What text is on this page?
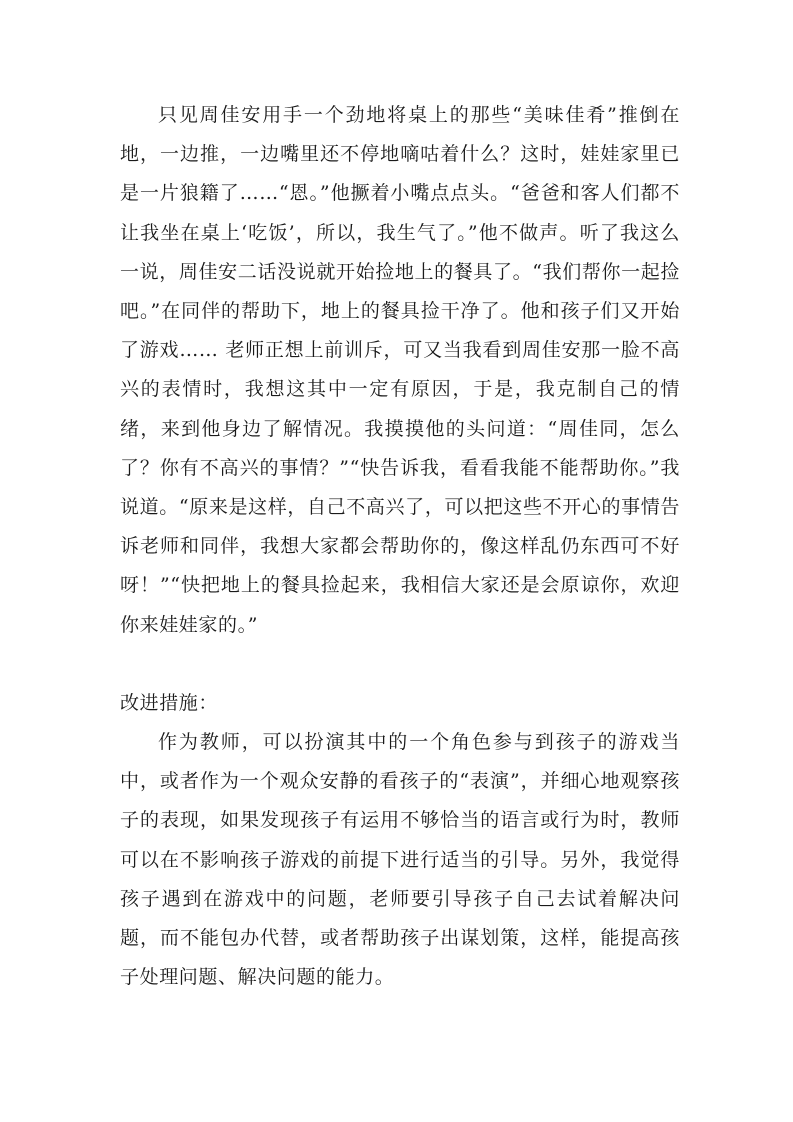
只见周佳安用手一个劲地将桌上的那些“美味佳肴”推倒在地，一边推，一边嘴里还不停地嘀咕着什么？这时，娃娃家里已是一片狼籍了……“恩。”他撅着小嘴点点头。“爸爸和客人们都不让我坐在桌上‘吃饭’，所以，我生气了。”他不做声。听了我这么一说，周佳安二话没说就开始捡地上的餐具了。“我们帮你一起捡吧。”在同伴的帮助下，地上的餐具捡干净了。他和孩子们又开始了游戏…… 老师正想上前训斥，可又当我看到周佳安那一脸不高兴的表情时，我想这其中一定有原因，于是，我克制自己的情绪，来到他身边了解情况。我摸摸他的头问道：“周佳同，怎么了？你有不高兴的事情？”“快告诉我，看看我能不能帮助你。”我说道。“原来是这样，自己不高兴了，可以把这些不开心的事情告诉老师和同伴，我想大家都会帮助你的，像这样乱仍东西可不好呀！”“快把地上的餐具捡起来，我相信大家还是会原谅你，欢迎你来娃娃家的。”

改进措施：

作为教师，可以扮演其中的一个角色参与到孩子的游戏当中，或者作为一个观众安静的看孩子的“表演”，并细心地观察孩子的表现，如果发现孩子有运用不够恰当的语言或行为时，教师可以在不影响孩子游戏的前提下进行适当的引导。另外，我觉得孩子遇到在游戏中的问题，老师要引导孩子自己去试着解决问题，而不能包办代替，或者帮助孩子出谋划策，这样，能提高孩子处理问题、解决问题的能力。
